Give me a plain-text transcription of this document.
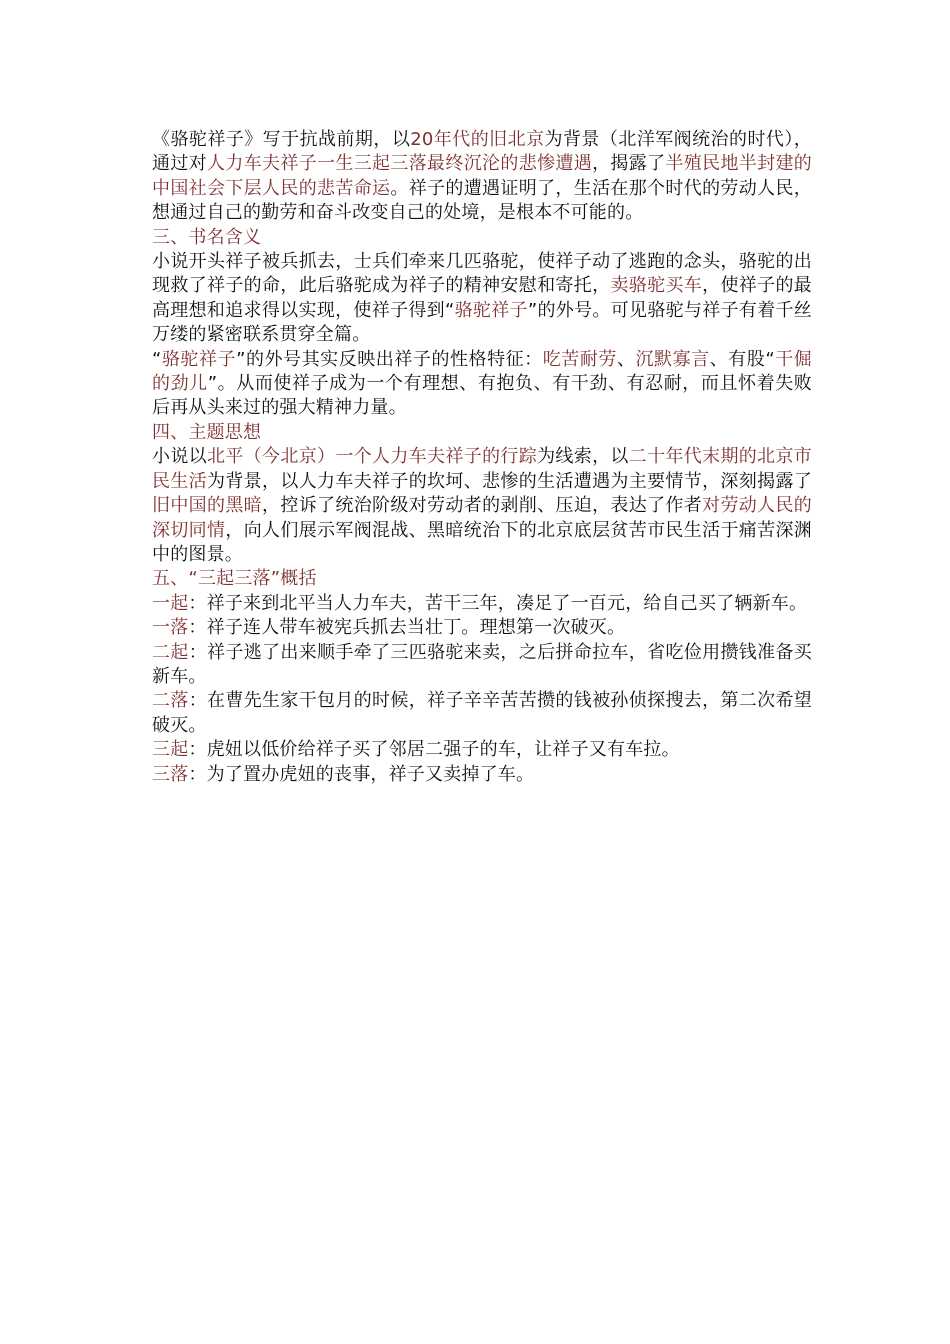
《骆驼祥子》写于抗战前期，以20年代的旧北京为背景（北洋军阀统治的时代），通过对人力车夫祥子一生三起三落最终沉沦的悲惨遭遇，揭露了半殖民地半封建的中国社会下层人民的悲苦命运。祥子的遭遇证明了，生活在那个时代的劳动人民，想通过自己的勤劳和奋斗改变自己的处境，是根本不可能的。

三、书名含义

小说开头祥子被兵抓去，士兵们牵来几匹骆驼，使祥子动了逃跑的念头，骆驼的出现救了祥子的命，此后骆驼成为祥子的精神安慰和寄托，卖骆驼买车，使祥子的最高理想和追求得以实现，使祥子得到“骆驼祥子”的外号。可见骆驼与祥子有着千丝万缕的紧密联系贯穿全篇。

“骆驼祥子”的外号其实反映出祥子的性格特征：吃苦耐劳、沉默寡言、有股“干倔的劲儿”。从而使祥子成为一个有理想、有抱负、有干劲、有忍耐，而且怀着失败后再从头来过的强大精神力量。

四、主题思想

小说以北平（今北京）一个人力车夫祥子的行踪为线索，以二十年代末期的北京市民生活为背景，以人力车夫祥子的坎坷、悲惨的生活遭遇为主要情节，深刻揭露了旧中国的黑暗，控诉了统治阶级对劳动者的剥削、压迫，表达了作者对劳动人民的深切同情，向人们展示军阀混战、黑暗统治下的北京底层贫苦市民生活于痛苦深渊中的图景。

五、“三起三落”概括

一起：祥子来到北平当人力车夫，苦干三年，凑足了一百元，给自己买了辆新车。

一落：祥子连人带车被宪兵抓去当壮丁。理想第一次破灭。

二起：祥子逃了出来顺手牵了三匹骆驼来卖，之后拼命拉车，省吃俭用攒钱准备买新车。

二落：在曹先生家干包月的时候，祥子辛辛苦苦攒的钱被孙侦探搜去，第二次希望破灭。

三起：虎妞以低价给祥子买了邻居二强子的车，让祥子又有车拉。

三落：为了置办虎妞的丧事，祥子又卖掉了车。
